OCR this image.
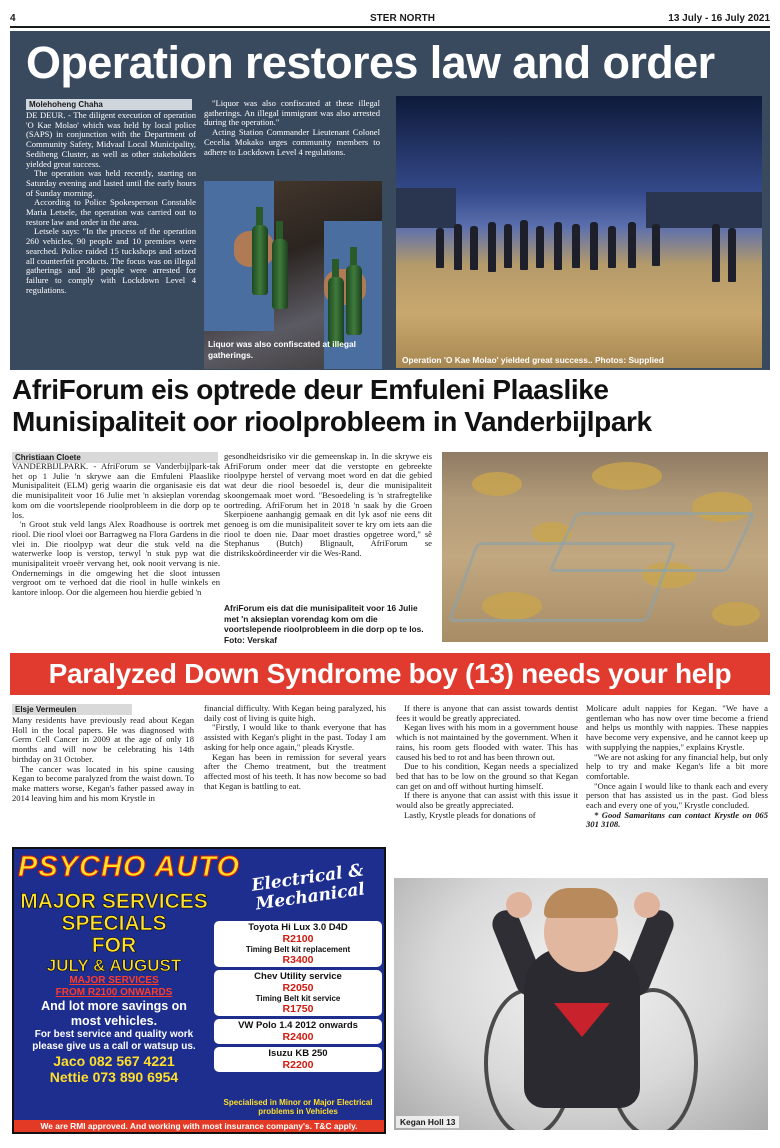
4	STER NORTH	13 July - 16 July 2021
Operation restores law and order
Molehoheng Chaha

DE DEUR. - The diligent execution of operation 'O Kae Molao' which was held by local police (SAPS) in conjunction with the Department of Community Safety, Midvaal Local Municipality, Sedibeng Cluster, as well as other stakeholders yielded great success.

The operation was held recently, starting on Saturday evening and lasted until the early hours of Sunday morning.

According to Police Spokesperson Constable Maria Letsele, the operation was carried out to restore law and order in the area.

Letsele says: "In the process of the operation 260 vehicles, 90 people and 10 premises were searched. Police raided 15 tuckshops and seized all counterfeit products. The focus was on illegal gatherings and 38 people were arrested for failure to comply with Lockdown Level 4 regulations.

"Liquor was also confiscated at these illegal gatherings. An illegal immigrant was also arrested during the operation."

Acting Station Commander Lieutenant Colonel Cecelia Mokako urges community members to adhere to Lockdown Level 4 regulations.

Liquor was also confiscated at illegal gatherings.
Operation 'O Kae Molao' yielded great success.. Photos: Supplied
AfriForum eis optrede deur Emfuleni Plaaslike Munisipaliteit oor rioolprobleem in Vanderbijlpark
Christiaan Cloete

VANDERBIJLPARK. - AfriForum se Vanderbijlpark-tak het op 1 Julie 'n skrywe aan die Emfuleni Plaaslike Munisipaliteit (ELM) gerig waarin die organisasie eis dat die munisipaliteit voor 16 Julie met 'n aksieplan vorendag kom om die voortslepende rioolprobleem in die dorp op te los.

'n Groot stuk veld langs Alex Roadhouse is oortrek met riool. Die riool vloei oor Barragweg na Flora Gardens in die vlei in. Die rioolpyp wat deur die stuk veld na die waterwerke loop is verstop, terwyl 'n stuk pyp wat die munisipaliteit vroeër vervang het, ook nooit vervang is nie. Ondernemings in die omgewing het die sloot intussen vergroot om te verhoed dat die riool in hulle winkels en kantore inloop. Oor die algemeen hou hierdie gebied 'n

gesondheidsrisiko vir die gemeenskap in. In die skrywe eis AfriForum onder meer dat die verstopte en gebreekte rioolpype herstel of vervang moet word en dat die gebied wat deur die riool besoedel is, deur die munisipaliteit skoongemaak moet word. "Besoedeling is 'n strafregtelike oortreding. AfriForum het in 2018 'n saak by die Groen Skerpioene aanhangig gemaak en dit lyk asof nie eens dit genoeg is om die munisipaliteit sover te kry om iets aan die riool te doen nie. Daar moet drasties opgetree word," sê Stephanus (Butch) Blignault, AfriForum se distrikskoördineerder vir die Wes-Rand.

AfriForum eis dat die munisipaliteit voor 16 Julie met 'n aksieplan vorendag kom om die voortslepende rioolprobleem in die dorp op te los. Foto: Verskaf
Paralyzed Down Syndrome boy (13) needs your help
Elsje Vermeulen

Many residents have previously read about Kegan Holl in the local papers. He was diagnosed with Germ Cell Cancer in 2009 at the age of only 18 months and will now be celebrating his 14th birthday on 31 October.

The cancer was located in his spine causing Kegan to become paralyzed from the waist down. To make matters worse, Kegan's father passed away in 2014 leaving him and his mom Krystle in

financial difficulty. With Kegan being paralyzed, his daily cost of living is quite high.

"Firstly, I would like to thank everyone that has assisted with Kegan's plight in the past. Today I am asking for help once again," pleads Krystle.

Kegan has been in remission for several years after the Chemo treatment, but the treatment affected most of his teeth. It has now become so bad that Kegan is battling to eat.

If there is anyone that can assist towards dentist fees it would be greatly appreciated.

Kegan lives with his mom in a government house which is not maintained by the government. When it rains, his room gets flooded with water. This has caused his bed to rot and has been thrown out.

Due to his condition, Kegan needs a specialized bed that has to be low on the ground so that Kegan can get on and off without hurting himself.

If there is anyone that can assist with this issue it would also be greatly appreciated.

Lastly, Krystle pleads for donations of

Molicare adult nappies for Kegan. "We have a gentleman who has now over time become a friend and helps us monthly with nappies. These nappies have become very expensive, and he cannot keep up with supplying the nappies," explains Krystle.

"We are not asking for any financial help, but only help to try and make Kegan's life a bit more comfortable.

"Once again I would like to thank each and every person that has assisted us in the past. God bless each and every one of you," Krystle concluded.

* Good Samaritans can contact Krystle on 065 301 3108.

Kegan Holl 13
PSYCHO AUTO Electrical & Mechanical
MAJOR SERVICES
SPECIALS
FOR
JULY & AUGUST
MAJOR SERVICES
FROM R2100 ONWARDS
And lot more savings on
most vehicles.
For best service and quality work
please give us a call or watsup us.
Jaco 082 567 4221
Nettie 073 890 6954
Toyota Hi Lux 3.0 D4D
R2100
Timing Belt kit replacement
R3400
Chev Utility service
R2050
Timing Belt kit service
R1750
VW Polo 1.4 2012 onwards
R2400
Isuzu KB 250
R2200
Specialised in Minor or Major Electrical problems in Vehicles
We are RMI approved. And working with most insurance company's. T&C apply.
